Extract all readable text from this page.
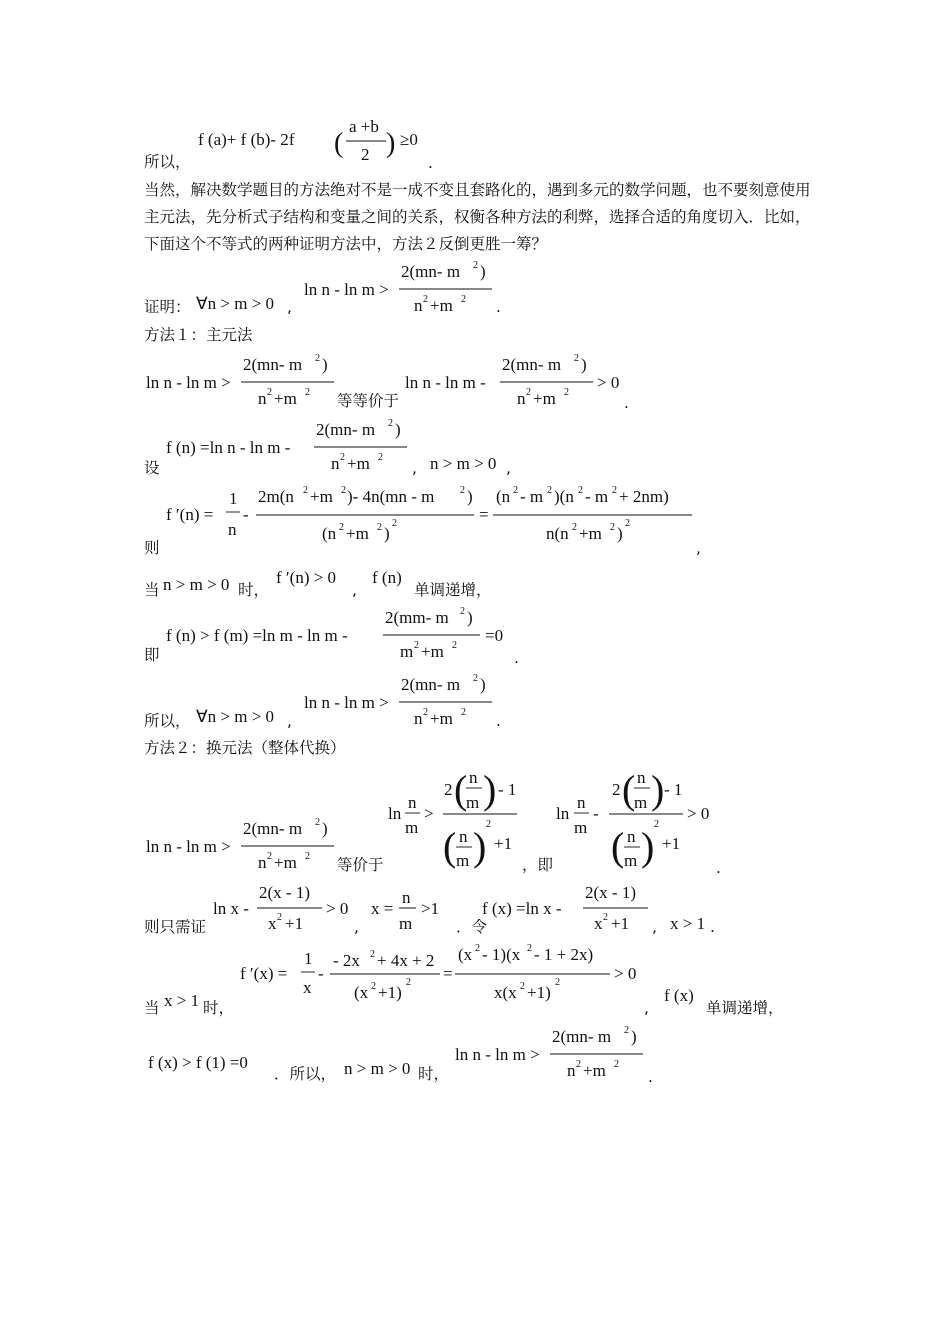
所以，
当然，解决数学题目的方法绝对不是一成不变且套路化的，遇到多元的数学问题，也不要刻意使用主元法，先分析式子结构和变量之间的关系，权衡各种方法的利弊，选择合适的角度切入．比如，下面这个不等式的两种证明方法中，方法２反倒更胜一筹？
证明：
方法１：主元法
等等价于
设
则
当	时，	单调递增，
即
所以，
方法２：换元法（整体代换）
等价于	，即
则只需证	．令
当	时，	单调递增，
．所以，	时，
.
,	.
.
,	,
,
,
.
,	.
.
,	,	.
,
.
f (a)+ f (b)- 2f (
a +b
2 ) ≥0
∀n > m > 0
ln n - ln m >
2(mn- m 2 )
n 2 +m 2
ln n - ln m >
2(mn- m 2 )
n 2 +m 2
ln n - ln m -
2(mn- m 2 )
n 2 +m 2
> 0
f (n) =ln n - ln m -
2(mn- m 2 )
n 2 +m 2	n > m > 0
f ′(n) =
1
n
-
2m(n 2 +m 2 )- 4n(mn - m	2 )
(n 2 +m 2 )
2	=
(n 2 - m 2 )(n 2 - m 2 + 2nm)
n(n 2 +m 2 )
2
n > m > 0	f ′(n) > 0 f (n)
f (n) > f (m) =ln m - ln m -
2(mm- m 2 )
m 2 +m 2
=0
∀n > m > 0
ln n - ln m >
2(mn- m 2 )
n 2 +m 2
ln n - ln m >
2(mn- m 2 )
n 2 +m 2
ln
n
m
>
2 ( n
m ) - 1
( n
m ) 2
+1
ln
n
m
-
2 ( n
m ) - 1
( n
m ) 2
+1
> 0
ln x -
2(x - 1)
x 2 +1
> 0 x =
n
m
>1	f (x) =ln x -
2(x - 1)
x 2 +1 x > 1
f ′(x) =
1
x
-
- 2x 2 + 4x + 2
(x 2 +1)
2 =
(x 2 - 1)(x 2 - 1 + 2x)
x(x 2 +1)
2	> 0
x > 1	f (x)
f (x) > f (1) =0	n > m > 0
ln n - ln m >
2(mn- m 2 )
n 2 +m 2
